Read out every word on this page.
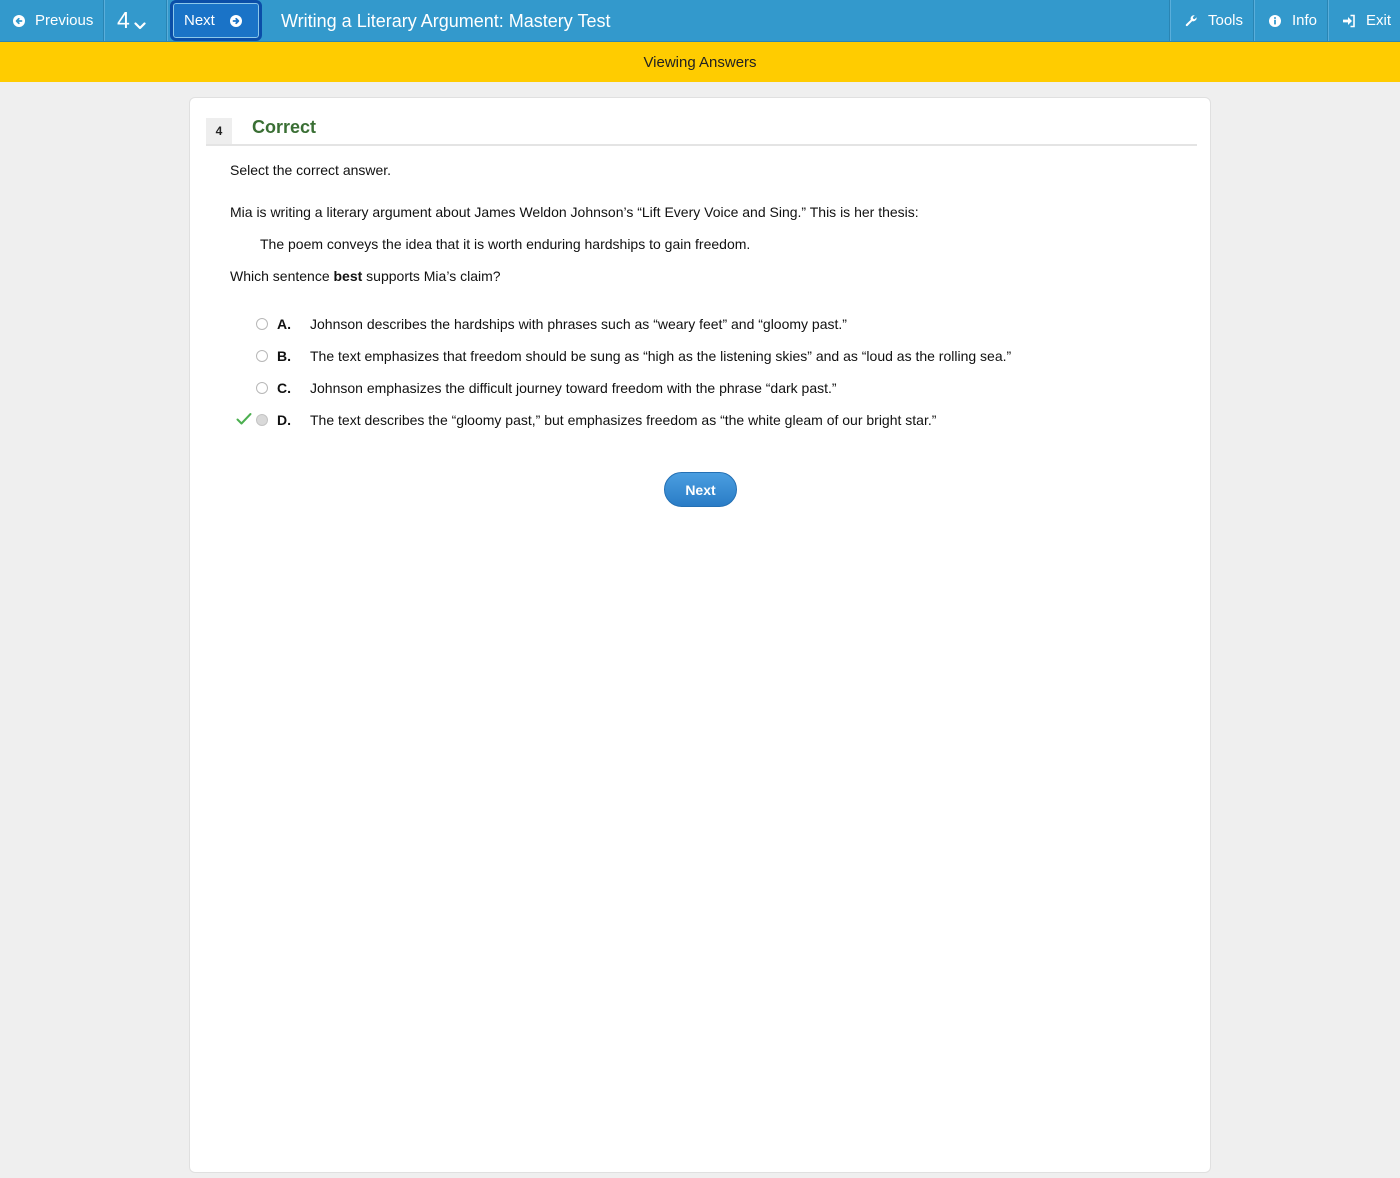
Previous 4	Next	Writing a Literary Argument: Mastery Test	Tools	Info	Exit
Viewing Answers
4	Correct
Select the correct answer.
Mia is writing a literary argument about James Weldon Johnson’s “Lift Every Voice and Sing.” This is her thesis:
The poem conveys the idea that it is worth enduring hardships to gain freedom.
Which sentence best supports Mia’s claim?
A. Johnson describes the hardships with phrases such as “weary feet” and “gloomy past.”
B. The text emphasizes that freedom should be sung as “high as the listening skies” and as “loud as the rolling sea.”
C. Johnson emphasizes the difficult journey toward freedom with the phrase “dark past.”
D. The text describes the “gloomy past,” but emphasizes freedom as “the white gleam of our bright star.”
Next
